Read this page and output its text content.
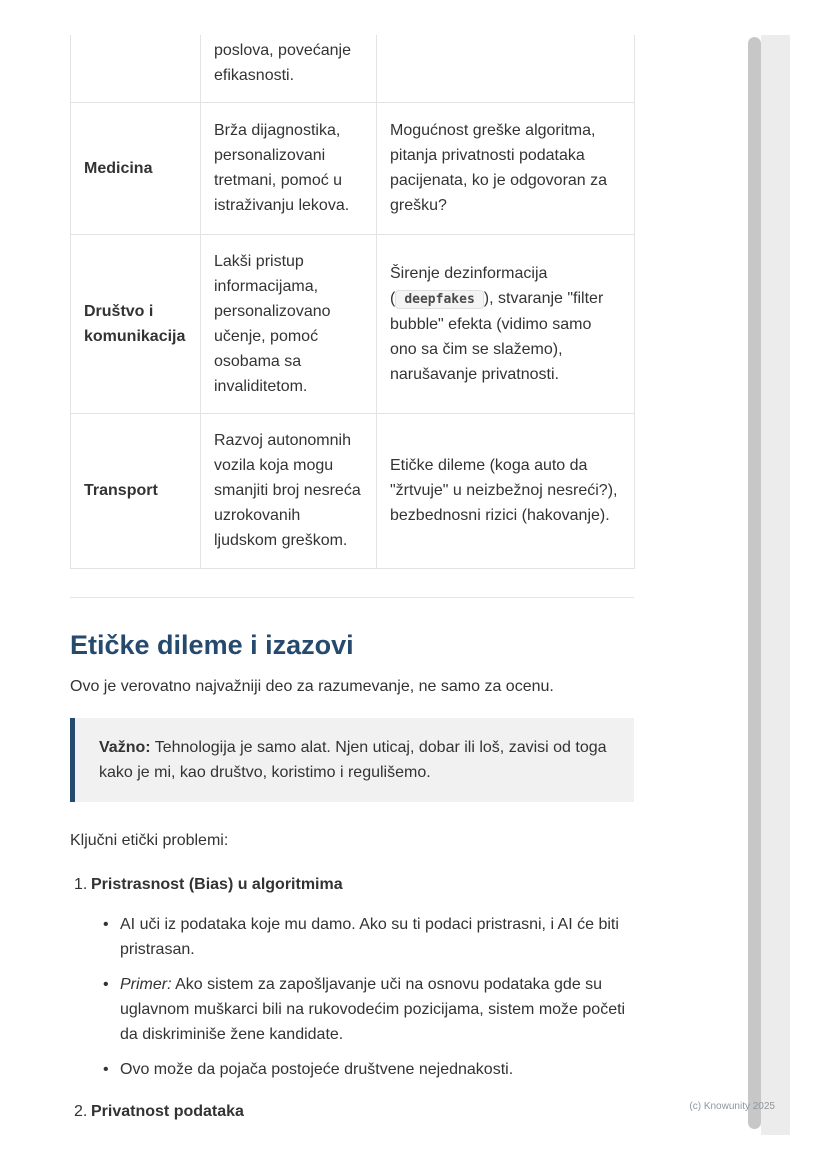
	poslova, povećanje efikasnosti.	
Medicina	Brža dijagnostika, personalizovani tretmani, pomoć u istraživanju lekova.	Mogućnost greške algoritma, pitanja privatnosti podataka pacijenata, ko je odgovoran za grešku?
Društvo i komunikacija	Lakši pristup informacijama, personalizovano učenje, pomoć osobama sa invaliditetom.	Širenje dezinformacija ( deepfakes ), stvaranje "filter bubble" efekta (vidimo samo ono sa čim se slažemo), narušavanje privatnosti.
Transport	Razvoj autonomnih vozila koja mogu smanjiti broj nesreća uzrokovanih ljudskom greškom.	Etičke dileme (koga auto da "žrtvuje" u neizbežnoj nesreći?), bezbednosni rizici (hakovanje).
Etičke dileme i izazovi

Ovo je verovatno najvažniji deo za razumevanje, ne samo za ocenu.

Važno: Tehnologija je samo alat. Njen uticaj, dobar ili loš, zavisi od toga kako je mi, kao društvo, koristimo i regulišemo.

Ključni etički problemi:

1. Pristrasnost (Bias) u algoritmima
• AI uči iz podataka koje mu damo. Ako su ti podaci pristrasni, i AI će biti pristrasan.
• Primer: Ako sistem za zapošljavanje uči na osnovu podataka gde su uglavnom muškarci bili na rukovodećim pozicijama, sistem može početi da diskriminiše žene kandidate.
• Ovo može da pojača postojeće društvene nejednakosti.
2. Privatnost podataka	(c) Knowunity 2025
